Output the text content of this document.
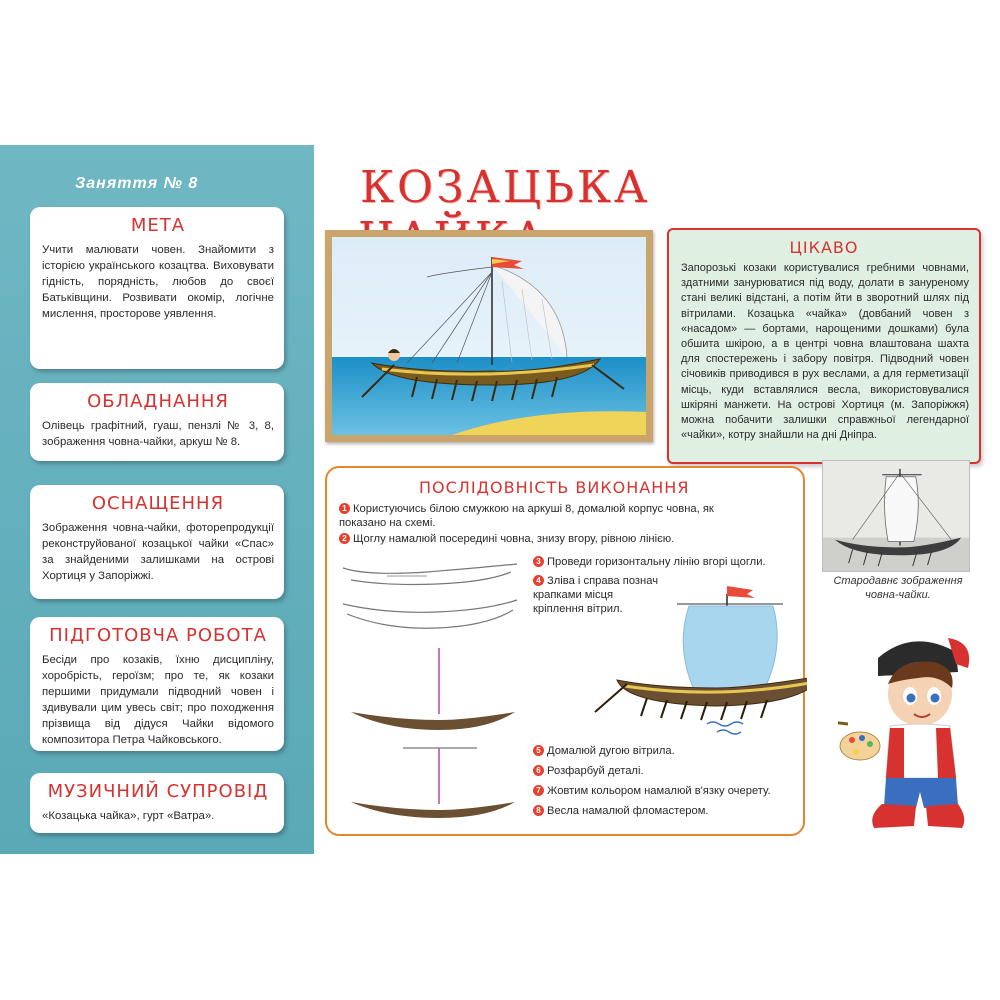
Заняття № 8
МЕТА

Учити малювати човен. Знайомити з історією українського козацтва. Виховувати гідність, порядність, любов до своєї Батьківщини. Розвивати окомір, логічне мислення, просторове уявлення.

ОБЛАДНАННЯ

Олівець графітний, гуаш, пензлі № 3, 8, зображення човна-чайки, аркуш № 8.

ОСНАЩЕННЯ

Зображення човна-чайки, фоторепродукції реконструйованої козацької чайки «Спас» за знайденими залишками на острові Хортиця у Запоріжжі.

ПІДГОТОВЧА РОБОТА

Бесіди про козаків, їхню дисципліну, хоробрість, героїзм; про те, як козаки першими придумали підводний човен і здивували цим увесь світ; про походження прізвища від дідуся Чайки відомого композитора Петра Чайковського.

МУЗИЧНИЙ СУПРОВІД

«Козацька чайка», гурт «Ватра».

КОЗАЦЬКА
ЦІКАВО

Запорозькі козаки користувалися гребними човнами, здатними занурюватися під воду, долати в зануреному стані великі відстані, а потім йти в зворотний шлях під вітрилами. Козацька «чайка» (довбаний човен з «насадом» — бортами, нарощеними дошками) була обшита шкірою, а в центрі човна влаштована шахта для спостережень і забору повітря. Підводний човен січовиків приводився в рух веслами, а для герметизації місць, куди вставлялися весла, використовувалися шкіряні манжети. На острові Хортиця (м. Запоріжжя) можна побачити залишки справжньої легендарної «чайки», котру знайшли на дні Дніпра.

Стародавнє зображення човна-чайки.
ПОСЛІДОВНІСТЬ ВИКОНАННЯ
1 Користуючись білою смужкою на аркуші 8, домалюй корпус човна, як показано на схемі.
2 Щоглу намалюй посередині човна, знизу вгору, рівною лінією.
3 Проведи горизонтальну лінію вгорі щогли.
4 Зліва і справа познач крапками місця кріплення вітрил.
5 Домалюй дугою вітрила.
6 Розфарбуй деталі.
7 Жовтим кольором намалюй в'язку очерету.
8 Весла намалюй фломастером.
